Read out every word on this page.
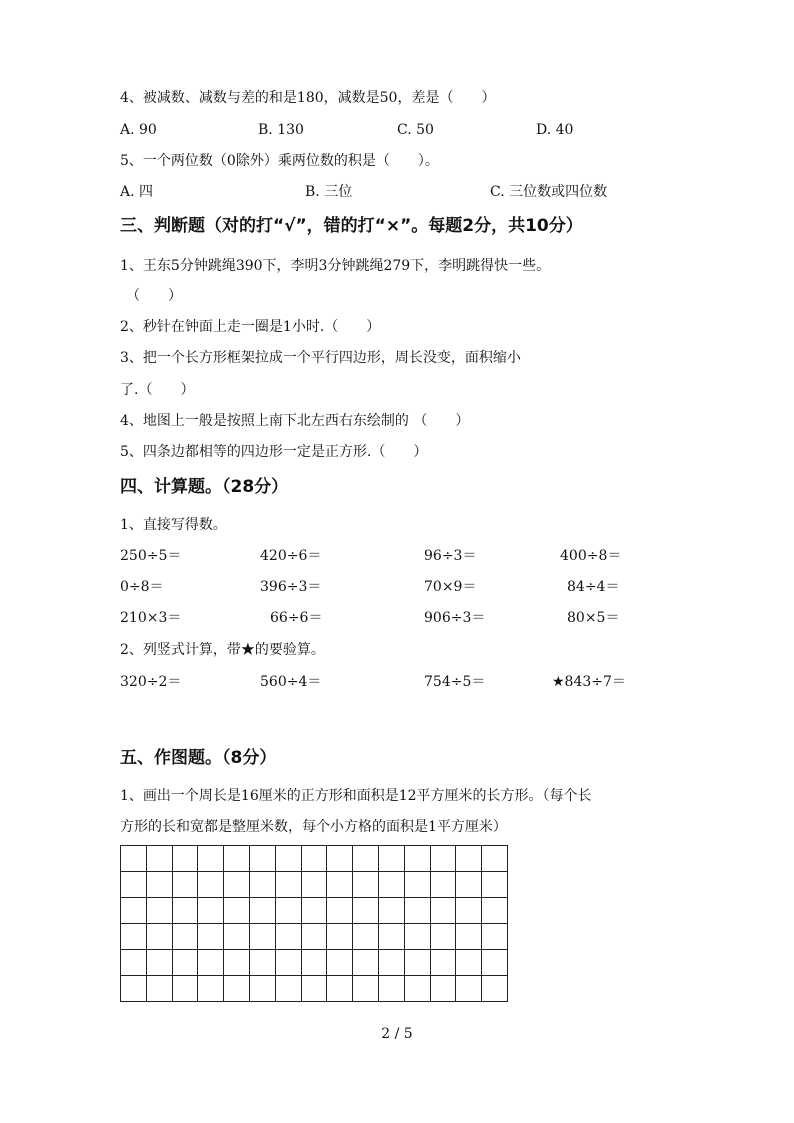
4、被减数、减数与差的和是180，减数是50，差是（　　）
A. 90	B. 130	C. 50	D. 40
5、一个两位数（0除外）乘两位数的积是（　　）。
A. 四	B. 三位	C. 三位数或四位数
三、判断题（对的打“√”，错的打“×”。每题2分，共10分）
1、王东5分钟跳绳390下，李明3分钟跳绳279下，李明跳得快一些。
（　　）
2、秒针在钟面上走一圈是1小时.（　　）
3、把一个长方形框架拉成一个平行四边形，周长没变，面积缩小
了.（　　）
4、地图上一般是按照上南下北左西右东绘制的 （　　）
5、四条边都相等的四边形一定是正方形.（　　）
四、计算题。（28分）
1、直接写得数。
250÷5＝	420÷6＝	96÷3＝	400÷8＝
0÷8＝	396÷3＝	70×9＝	84÷4＝
210×3＝	66÷6＝	906÷3＝	80×5＝
2、列竖式计算，带★的要验算。
320÷2＝	560÷4＝	754÷5＝	★843÷7＝
五、作图题。（8分）
1、画出一个周长是16厘米的正方形和面积是12平方厘米的长方形。（每个长
方形的长和宽都是整厘米数，每个小方格的面积是1平方厘米）
2 / 5
